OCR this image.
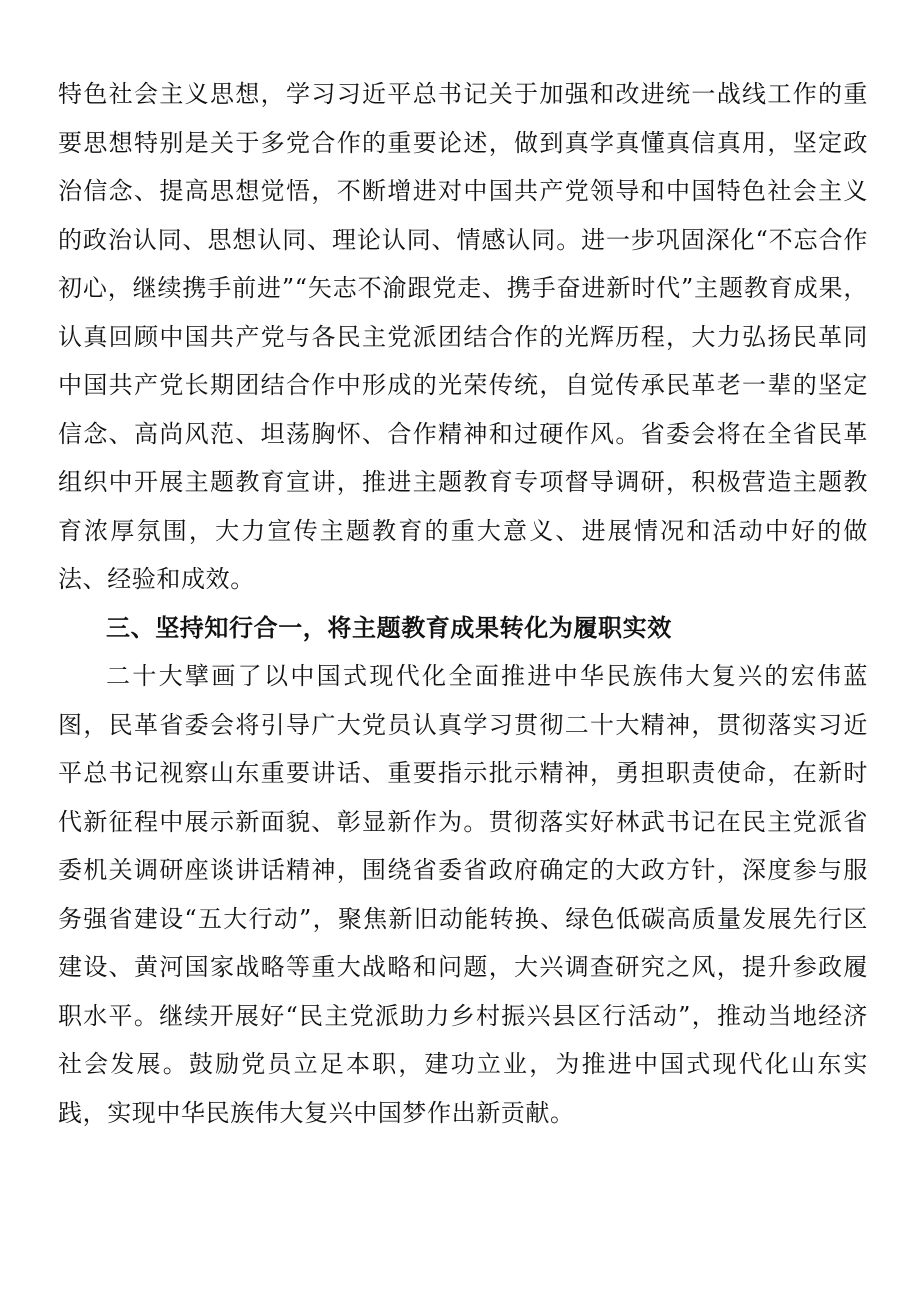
特色社会主义思想，学习习近平总书记关于加强和改进统一战线工作的重要思想特别是关于多党合作的重要论述，做到真学真懂真信真用，坚定政治信念、提高思想觉悟，不断增进对中国共产党领导和中国特色社会主义的政治认同、思想认同、理论认同、情感认同。进一步巩固深化“不忘合作初心，继续携手前进”“矢志不渝跟党走、携手奋进新时代”主题教育成果，认真回顾中国共产党与各民主党派团结合作的光辉历程，大力弘扬民革同中国共产党长期团结合作中形成的光荣传统，自觉传承民革老一辈的坚定信念、高尚风范、坦荡胸怀、合作精神和过硬作风。省委会将在全省民革组织中开展主题教育宣讲，推进主题教育专项督导调研，积极营造主题教育浓厚氛围，大力宣传主题教育的重大意义、进展情况和活动中好的做法、经验和成效。

三、坚持知行合一，将主题教育成果转化为履职实效

二十大擘画了以中国式现代化全面推进中华民族伟大复兴的宏伟蓝图，民革省委会将引导广大党员认真学习贯彻二十大精神，贯彻落实习近平总书记视察山东重要讲话、重要指示批示精神，勇担职责使命，在新时代新征程中展示新面貌、彰显新作为。贯彻落实好林武书记在民主党派省委机关调研座谈讲话精神，围绕省委省政府确定的大政方针，深度参与服务强省建设“五大行动”，聚焦新旧动能转换、绿色低碳高质量发展先行区建设、黄河国家战略等重大战略和问题，大兴调查研究之风，提升参政履职水平。继续开展好“民主党派助力乡村振兴县区行活动”，推动当地经济社会发展。鼓励党员立足本职，建功立业，为推进中国式现代化山东实践，实现中华民族伟大复兴中国梦作出新贡献。
